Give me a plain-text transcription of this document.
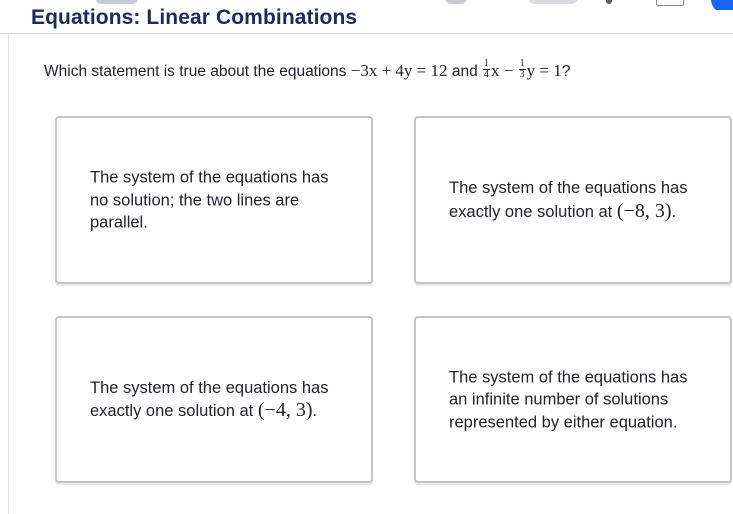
Equations: Linear Combinations
Which statement is true about the equations −3x + 4y = 12 and $\frac{1}{4}$ $x - \frac{1}{3}$ y = 1?
The system of the equations has no solution; the two lines are parallel.
The system of the equations has exactly one solution at (−8, 3).
The system of the equations has exactly one solution at (−4, 3).
The system of the equations has an infinite number of solutions represented by either equation.
